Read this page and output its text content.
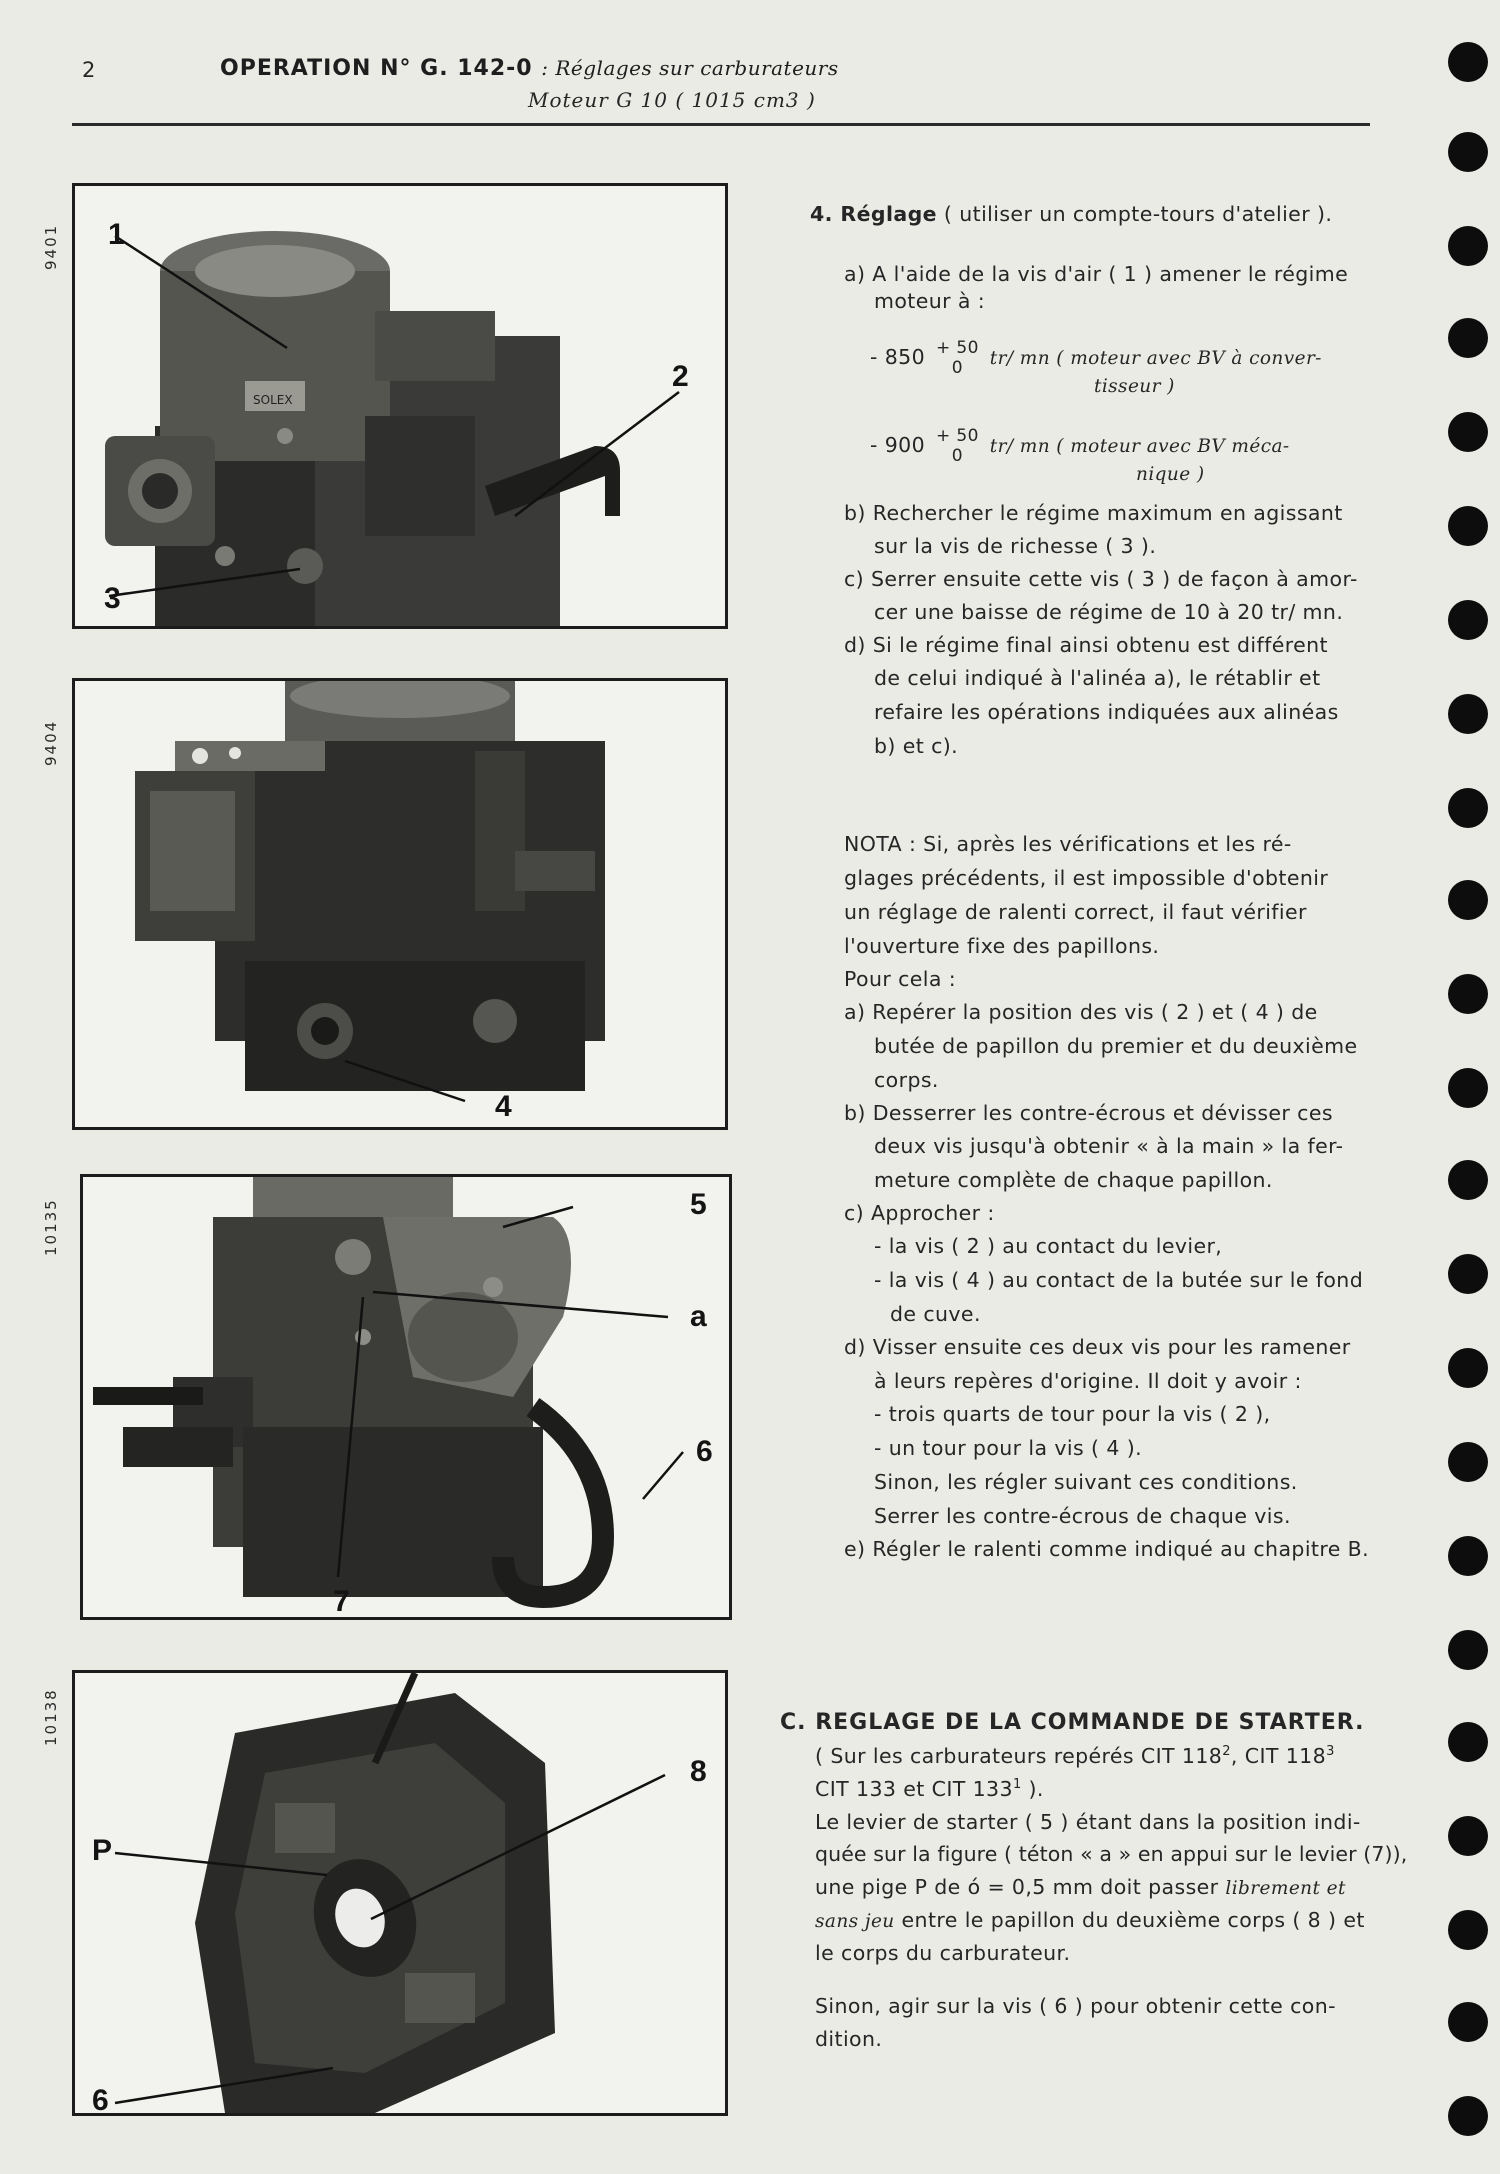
2	OPERATION N° G. 142-0 : Réglages sur carburateurs
Moteur G 10 ( 1015 cm3 )
9401
9404
10135
10138
SOLEX
1
2
3
4
5
a
6
7
8
P
6
4. Réglage ( utiliser un compte-tours d'atelier ).
a) A l'aide de la vis d'air ( 1 ) amener le régime
moteur à :
- 850 + 50
0	tr/ mn ( moteur avec BV à conver-
tisseur )
- 900 + 50
0	tr/ mn ( moteur avec BV méca-
nique )
b) Rechercher le régime maximum en agissant
sur la vis de richesse ( 3 ).
c) Serrer ensuite cette vis ( 3 ) de façon à amor-
cer une baisse de régime de 10 à 20 tr/ mn.
d) Si le régime final ainsi obtenu est différent
de celui indiqué à l'alinéa a), le rétablir et
refaire les opérations indiquées aux alinéas
b) et c).
NOTA : Si, après les vérifications et les ré-
glages précédents, il est impossible d'obtenir
un réglage de ralenti correct, il faut vérifier
l'ouverture fixe des papillons.
Pour cela :
a) Repérer la position des vis ( 2 ) et ( 4 ) de
butée de papillon du premier et du deuxième
corps.
b) Desserrer les contre-écrous et dévisser ces
deux vis jusqu'à obtenir « à la main » la fer-
meture complète de chaque papillon.
c) Approcher :
- la vis ( 2 ) au contact du levier,
- la vis ( 4 ) au contact de la butée sur le fond
de cuve.
d) Visser ensuite ces deux vis pour les ramener
à leurs repères d'origine. Il doit y avoir :
- trois quarts de tour pour la vis ( 2 ),
- un tour pour la vis ( 4 ).
Sinon, les régler suivant ces conditions.
Serrer les contre-écrous de chaque vis.
e) Régler le ralenti comme indiqué au chapitre B.
C. REGLAGE DE LA COMMANDE DE STARTER.
( Sur les carburateurs repérés CIT $118^2$, CIT $118^3$
CIT 133 et CIT $133^1$ ).
Le levier de starter ( 5 ) étant dans la position indi-
quée sur la figure ( téton « a » en appui sur le levier (7)),
une pige P de ó = 0,5 mm doit passer librement et
sans jeu entre le papillon du deuxième corps ( 8 ) et
le corps du carburateur.
Sinon, agir sur la vis ( 6 ) pour obtenir cette con-
dition.
